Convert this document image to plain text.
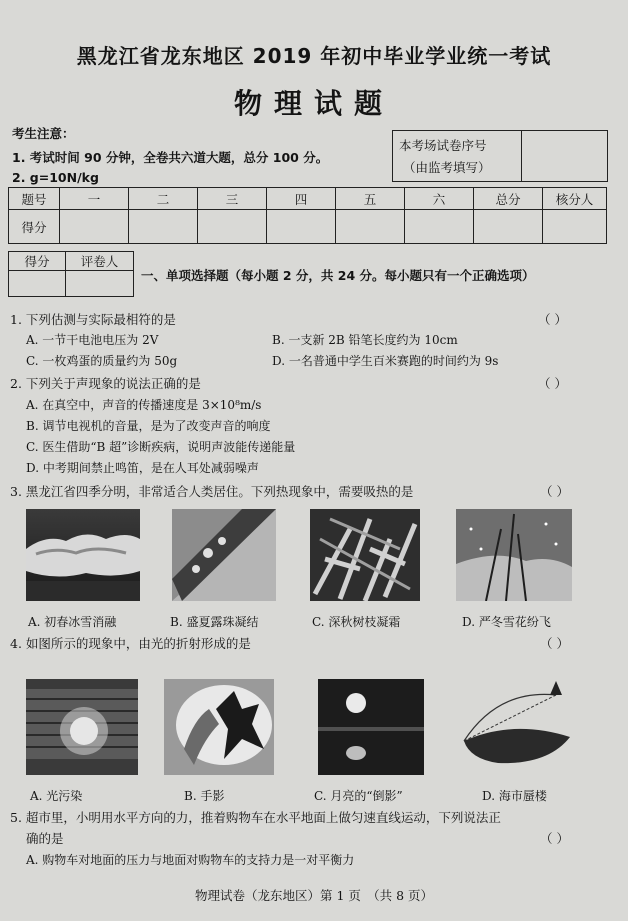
黑龙江省龙东地区 2019 年初中毕业学业统一考试
物理试题
考生注意：
1. 考试时间 90 分钟，全卷共六道大题，总分 100 分。
2. g=10N/kg
本考场试卷序号
（由监考填写）
题号	一	二	三	四	五	六	总分	核分人
得分								
得分	评卷人

一、单项选择题（每小题 2 分，共 24 分。每小题只有一个正确选项）
1. 下列估测与实际最相符的是	（ ）
A. 一节干电池电压为 2V	B. 一支新 2B 铅笔长度约为 10cm
C. 一枚鸡蛋的质量约为 50g	D. 一名普通中学生百米赛跑的时间约为 9s
2. 下列关于声现象的说法正确的是	（ ）
A. 在真空中，声音的传播速度是 3×10⁸m/s
B. 调节电视机的音量，是为了改变声音的响度
C. 医生借助“B 超”诊断疾病，说明声波能传递能量
D. 中考期间禁止鸣笛，是在人耳处减弱噪声
3. 黑龙江省四季分明，非常适合人类居住。下列热现象中，需要吸热的是	（ ）
A. 初春冰雪消融	B. 盛夏露珠凝结	C. 深秋树枝凝霜	D. 严冬雪花纷飞
4. 如图所示的现象中，由光的折射形成的是	（ ）
A. 光污染	B. 手影	C. 月亮的“倒影”	D. 海市蜃楼
5. 超市里，小明用水平方向的力，推着购物车在水平地面上做匀速直线运动，下列说法正
确的是	（ ）
A. 购物车对地面的压力与地面对购物车的支持力是一对平衡力
物理试卷（龙东地区）第 1 页　（共 8 页）
